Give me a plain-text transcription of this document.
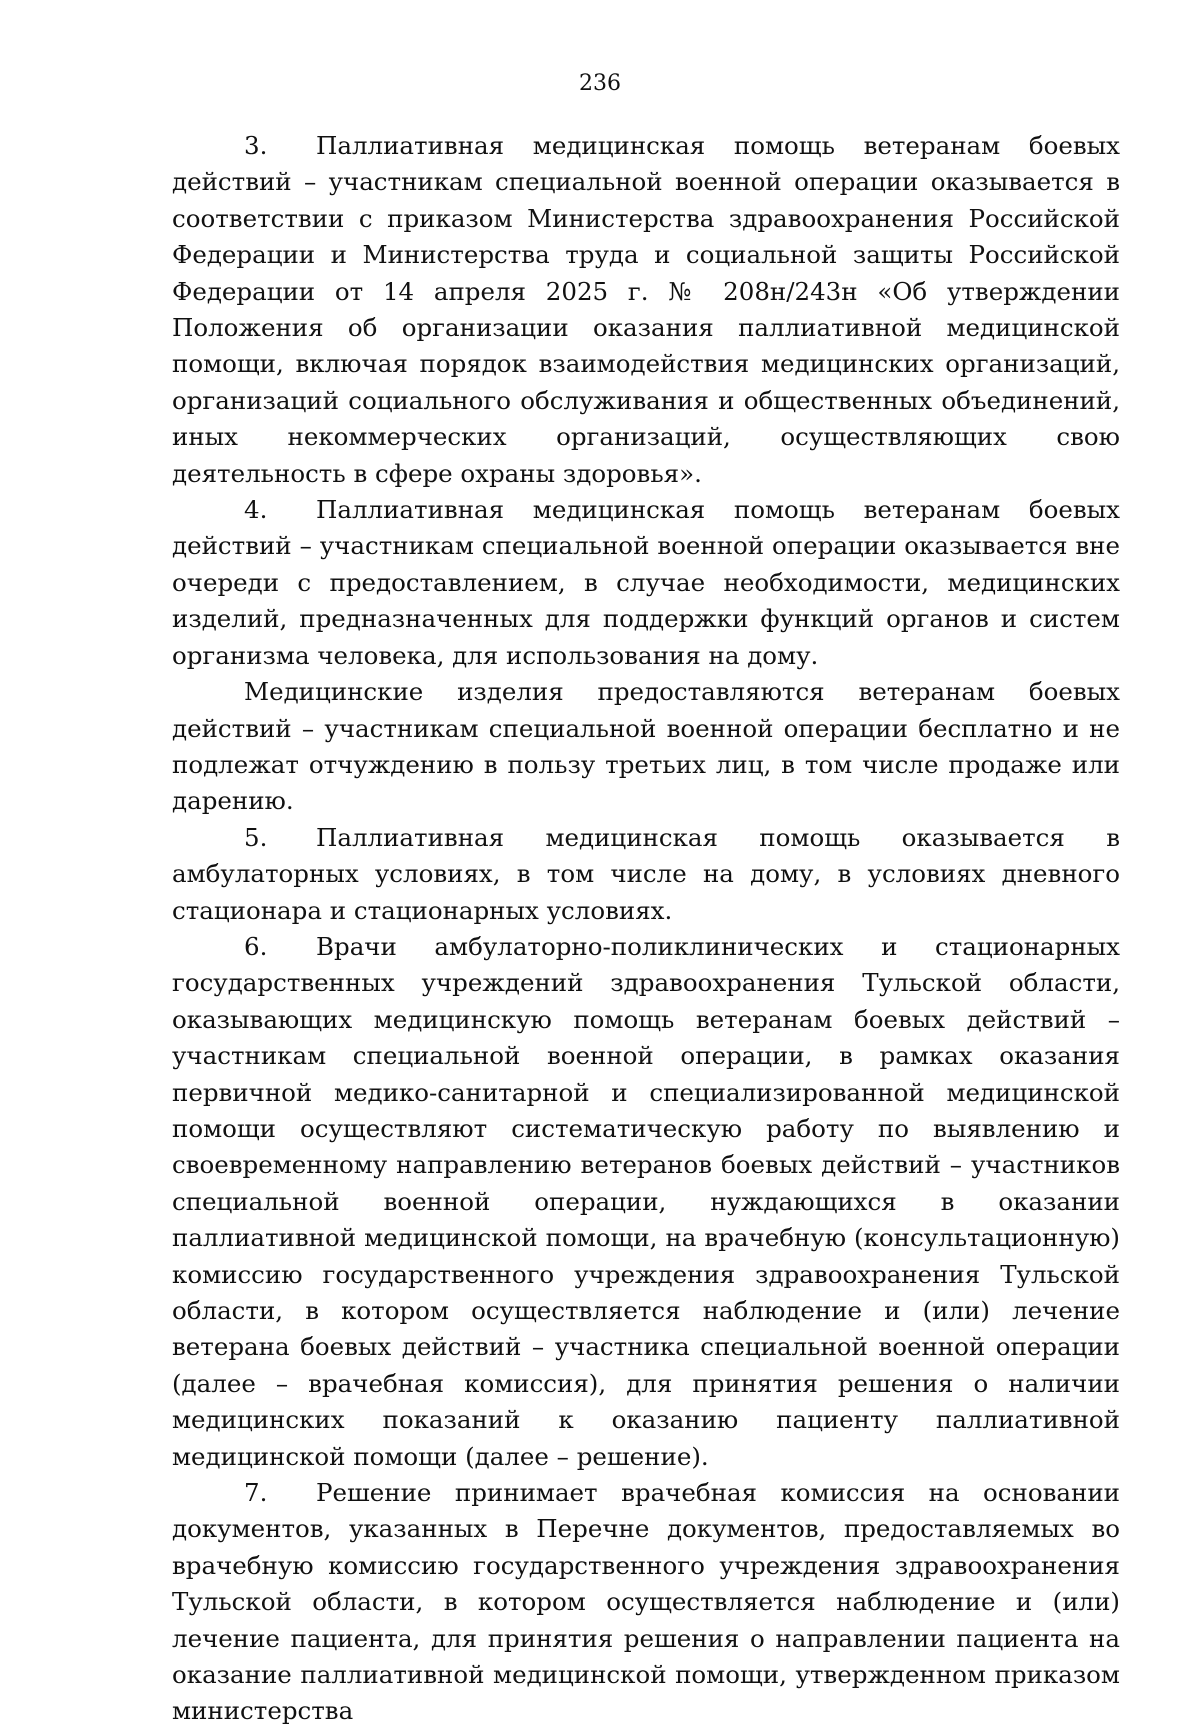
236

3. Паллиативная медицинская помощь ветеранам боевых действий – участникам специальной военной операции оказывается в соответствии с приказом Министерства здравоохранения Российской Федерации и Министерства труда и социальной защиты Российской Федерации от 14 апреля 2025 г. № 208н/243н «Об утверждении Положения об организации оказания паллиативной медицинской помощи, включая порядок взаимодействия медицинских организаций, организаций социального обслуживания и общественных объединений, иных некоммерческих организаций, осуществляющих свою деятельность в сфере охраны здоровья».

4. Паллиативная медицинская помощь ветеранам боевых действий – участникам специальной военной операции оказывается вне очереди с предоставлением, в случае необходимости, медицинских изделий, предназначенных для поддержки функций органов и систем организма человека, для использования на дому.

Медицинские изделия предоставляются ветеранам боевых действий – участникам специальной военной операции бесплатно и не подлежат отчуждению в пользу третьих лиц, в том числе продаже или дарению.

5. Паллиативная медицинская помощь оказывается в амбулаторных условиях, в том числе на дому, в условиях дневного стационара и стационарных условиях.

6. Врачи амбулаторно-поликлинических и стационарных государственных учреждений здравоохранения Тульской области, оказывающих медицинскую помощь ветеранам боевых действий – участникам специальной военной операции, в рамках оказания первичной медико-санитарной и специализированной медицинской помощи осуществляют систематическую работу по выявлению и своевременному направлению ветеранов боевых действий – участников специальной военной операции, нуждающихся в оказании паллиативной медицинской помощи, на врачебную (консультационную) комиссию государственного учреждения здравоохранения Тульской области, в котором осуществляется наблюдение и (или) лечение ветерана боевых действий – участника специальной военной операции (далее – врачебная комиссия), для принятия решения о наличии медицинских показаний к оказанию пациенту паллиативной медицинской помощи (далее – решение).

7. Решение принимает врачебная комиссия на основании документов, указанных в Перечне документов, предоставляемых во врачебную комиссию государственного учреждения здравоохранения Тульской области, в котором осуществляется наблюдение и (или) лечение пациента, для принятия решения о направлении пациента на оказание паллиативной медицинской помощи, утвержденном приказом министерства
